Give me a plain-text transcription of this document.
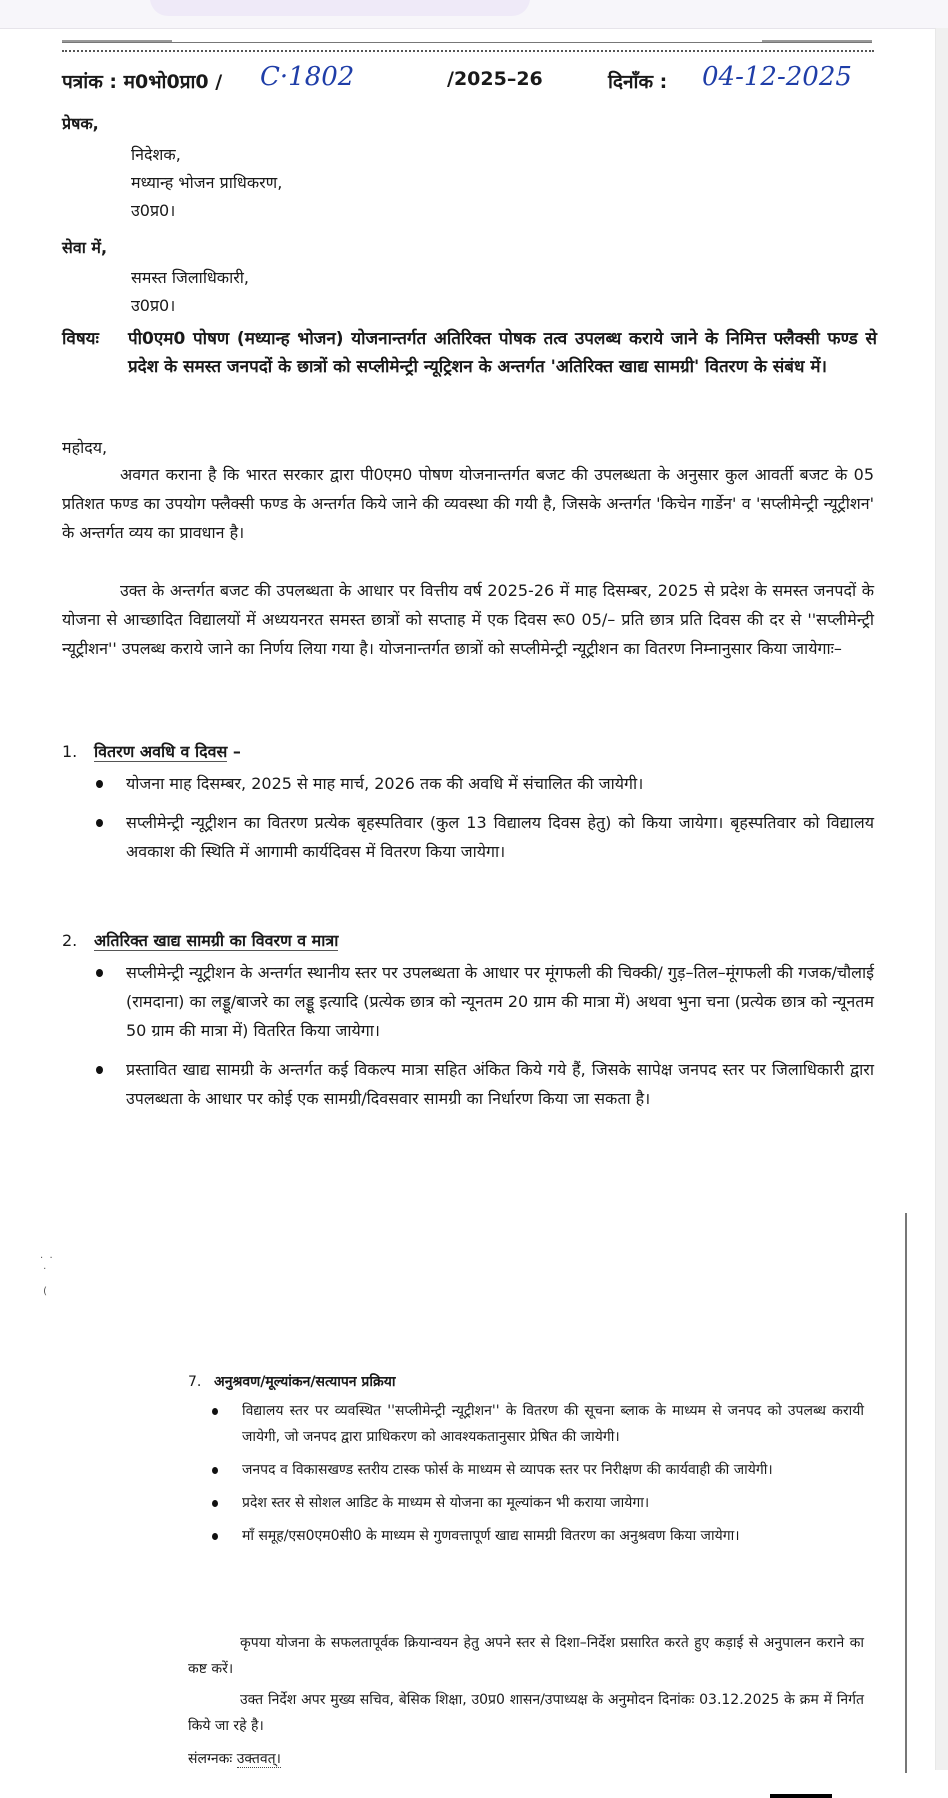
पत्रांक : म0भो0प्रा0 / C·1802	/2025–26	दिनाँक : 04-12-2025
प्रेषक,
निदेशक,
मध्यान्ह भोजन प्राधिकरण,
उ0प्र0।
सेवा में,
समस्त जिलाधिकारी,
उ0प्र0।
विषयः पी0एम0 पोषण (मध्यान्ह भोजन) योजनान्तर्गत अतिरिक्त पोषक तत्व उपलब्ध कराये जाने के निमित्त फ्लैक्सी फण्ड से प्रदेश के समस्त जनपदों के छात्रों को सप्लीमेन्ट्री न्यूट्रिशन के अन्तर्गत 'अतिरिक्त खाद्य सामग्री' वितरण के संबंध में।
महोदय,
अवगत कराना है कि भारत सरकार द्वारा पी0एम0 पोषण योजनान्तर्गत बजट की उपलब्धता के अनुसार कुल आवर्ती बजट के 05 प्रतिशत फण्ड का उपयोग फ्लैक्सी फण्ड के अन्तर्गत किये जाने की व्यवस्था की गयी है, जिसके अन्तर्गत 'किचेन गार्डेन' व 'सप्लीमेन्ट्री न्यूट्रीशन' के अन्तर्गत व्यय का प्रावधान है।
उक्त के अन्तर्गत बजट की उपलब्धता के आधार पर वित्तीय वर्ष 2025-26 में माह दिसम्बर, 2025 से प्रदेश के समस्त जनपदों के योजना से आच्छादित विद्यालयों में अध्ययनरत समस्त छात्रों को सप्ताह में एक दिवस रू0 05/– प्रति छात्र प्रति दिवस की दर से ''सप्लीमेन्ट्री न्यूट्रीशन'' उपलब्ध कराये जाने का निर्णय लिया गया है। योजनान्तर्गत छात्रों को सप्लीमेन्ट्री न्यूट्रीशन का वितरण निम्नानुसार किया जायेगाः–
1. वितरण अवधि व दिवस –
योजना माह दिसम्बर, 2025 से माह मार्च, 2026 तक की अवधि में संचालित की जायेगी।
सप्लीमेन्ट्री न्यूट्रीशन का वितरण प्रत्येक बृहस्पतिवार (कुल 13 विद्यालय दिवस हेतु) को किया जायेगा। बृहस्पतिवार को विद्यालय अवकाश की स्थिति में आगामी कार्यदिवस में वितरण किया जायेगा।
2. अतिरिक्त खाद्य सामग्री का विवरण व मात्रा
सप्लीमेन्ट्री न्यूट्रीशन के अन्तर्गत स्थानीय स्तर पर उपलब्धता के आधार पर मूंगफली की चिक्की/ गुड़–तिल–मूंगफली की गजक/चौलाई (रामदाना) का लड्डू/बाजरे का लड्डू इत्यादि (प्रत्येक छात्र को न्यूनतम 20 ग्राम की मात्रा में) अथवा भुना चना (प्रत्येक छात्र को न्यूनतम 50 ग्राम की मात्रा में) वितरित किया जायेगा।
प्रस्तावित खाद्य सामग्री के अन्तर्गत कई विकल्प मात्रा सहित अंकित किये गये हैं, जिसके सापेक्ष जनपद स्तर पर जिलाधिकारी द्वारा उपलब्धता के आधार पर कोई एक सामग्री/दिवसवार सामग्री का निर्धारण किया जा सकता है।
·  ·
·

(
7. अनुश्रवण/मूल्यांकन/सत्यापन प्रक्रिया
विद्यालय स्तर पर व्यवस्थित ''सप्लीमेन्ट्री न्यूट्रीशन'' के वितरण की सूचना ब्लाक के माध्यम से जनपद को उपलब्ध करायी जायेगी, जो जनपद द्वारा प्राधिकरण को आवश्यकतानुसार प्रेषित की जायेगी।
जनपद व विकासखण्ड स्तरीय टास्क फोर्स के माध्यम से व्यापक स्तर पर निरीक्षण की कार्यवाही की जायेगी।
प्रदेश स्तर से सोशल आडिट के माध्यम से योजना का मूल्यांकन भी कराया जायेगा।
माँ समूह/एस0एम0सी0 के माध्यम से गुणवत्तापूर्ण खाद्य सामग्री वितरण का अनुश्रवण किया जायेगा।
कृपया योजना के सफलतापूर्वक क्रियान्वयन हेतु अपने स्तर से दिशा–निर्देश प्रसारित करते हुए कड़ाई से अनुपालन कराने का कष्ट करें।
उक्त निर्देश अपर मुख्य सचिव, बेसिक शिक्षा, उ0प्र0 शासन/उपाध्यक्ष के अनुमोदन दिनांकः 03.12.2025 के क्रम में निर्गत किये जा रहे है।
संलग्नकः उक्तवत्।
